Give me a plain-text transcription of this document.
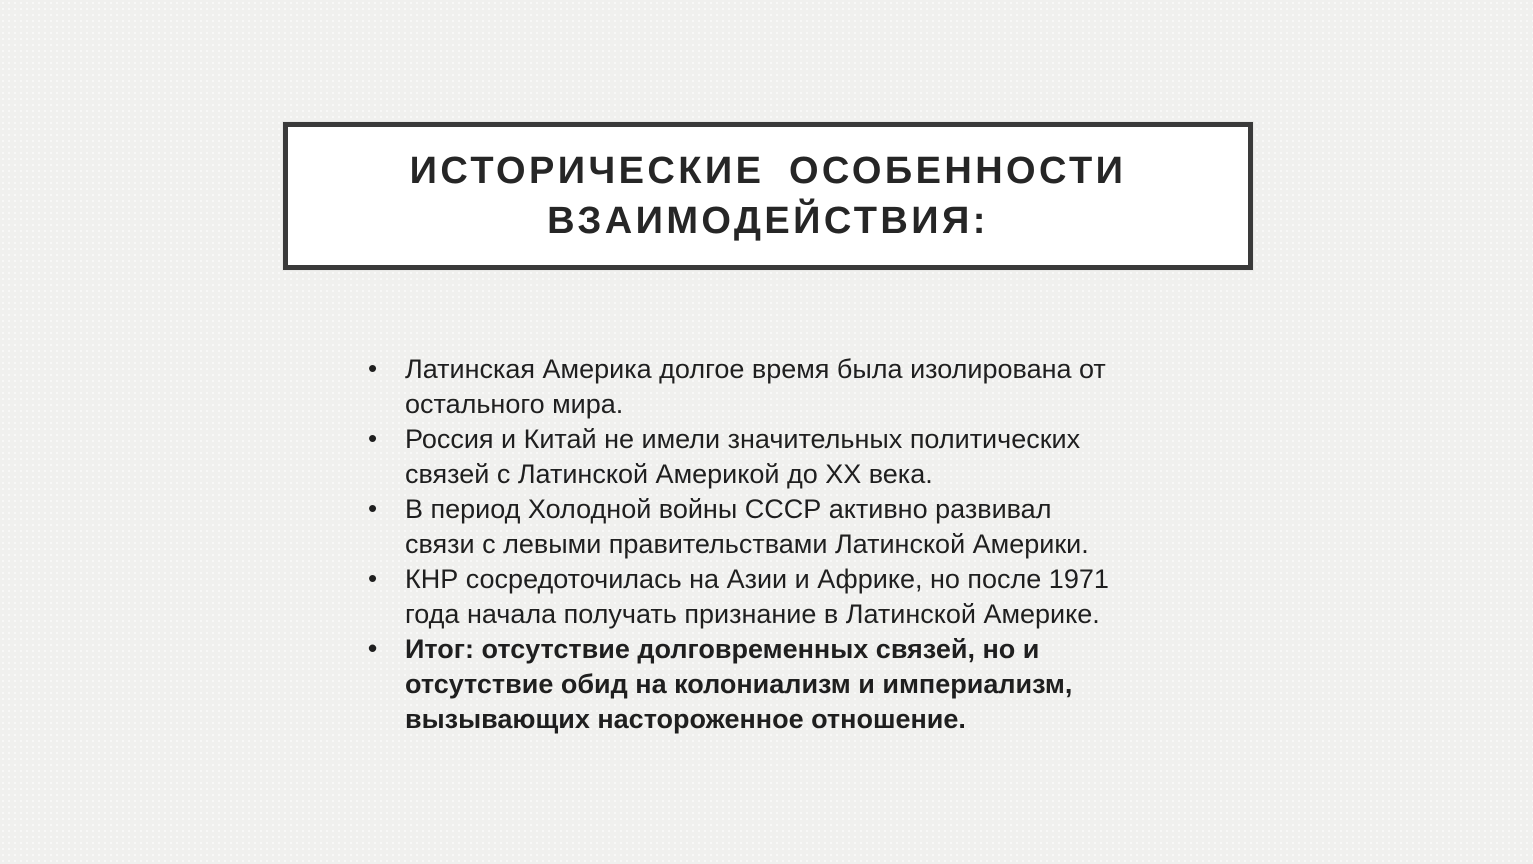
ИСТОРИЧЕСКИЕ ОСОБЕННОСТИ ВЗАИМОДЕЙСТВИЯ:
• Латинская Америка долгое время была изолирована от остального мира.
• Россия и Китай не имели значительных политических связей с Латинской Америкой до XX века.
• В период Холодной войны СССР активно развивал связи с левыми правительствами Латинской Америки.
• КНР сосредоточилась на Азии и Африке, но после 1971 года начала получать признание в Латинской Америке.
• Итог: отсутствие долговременных связей, но и отсутствие обид на колониализм и империализм, вызывающих настороженное отношение.
